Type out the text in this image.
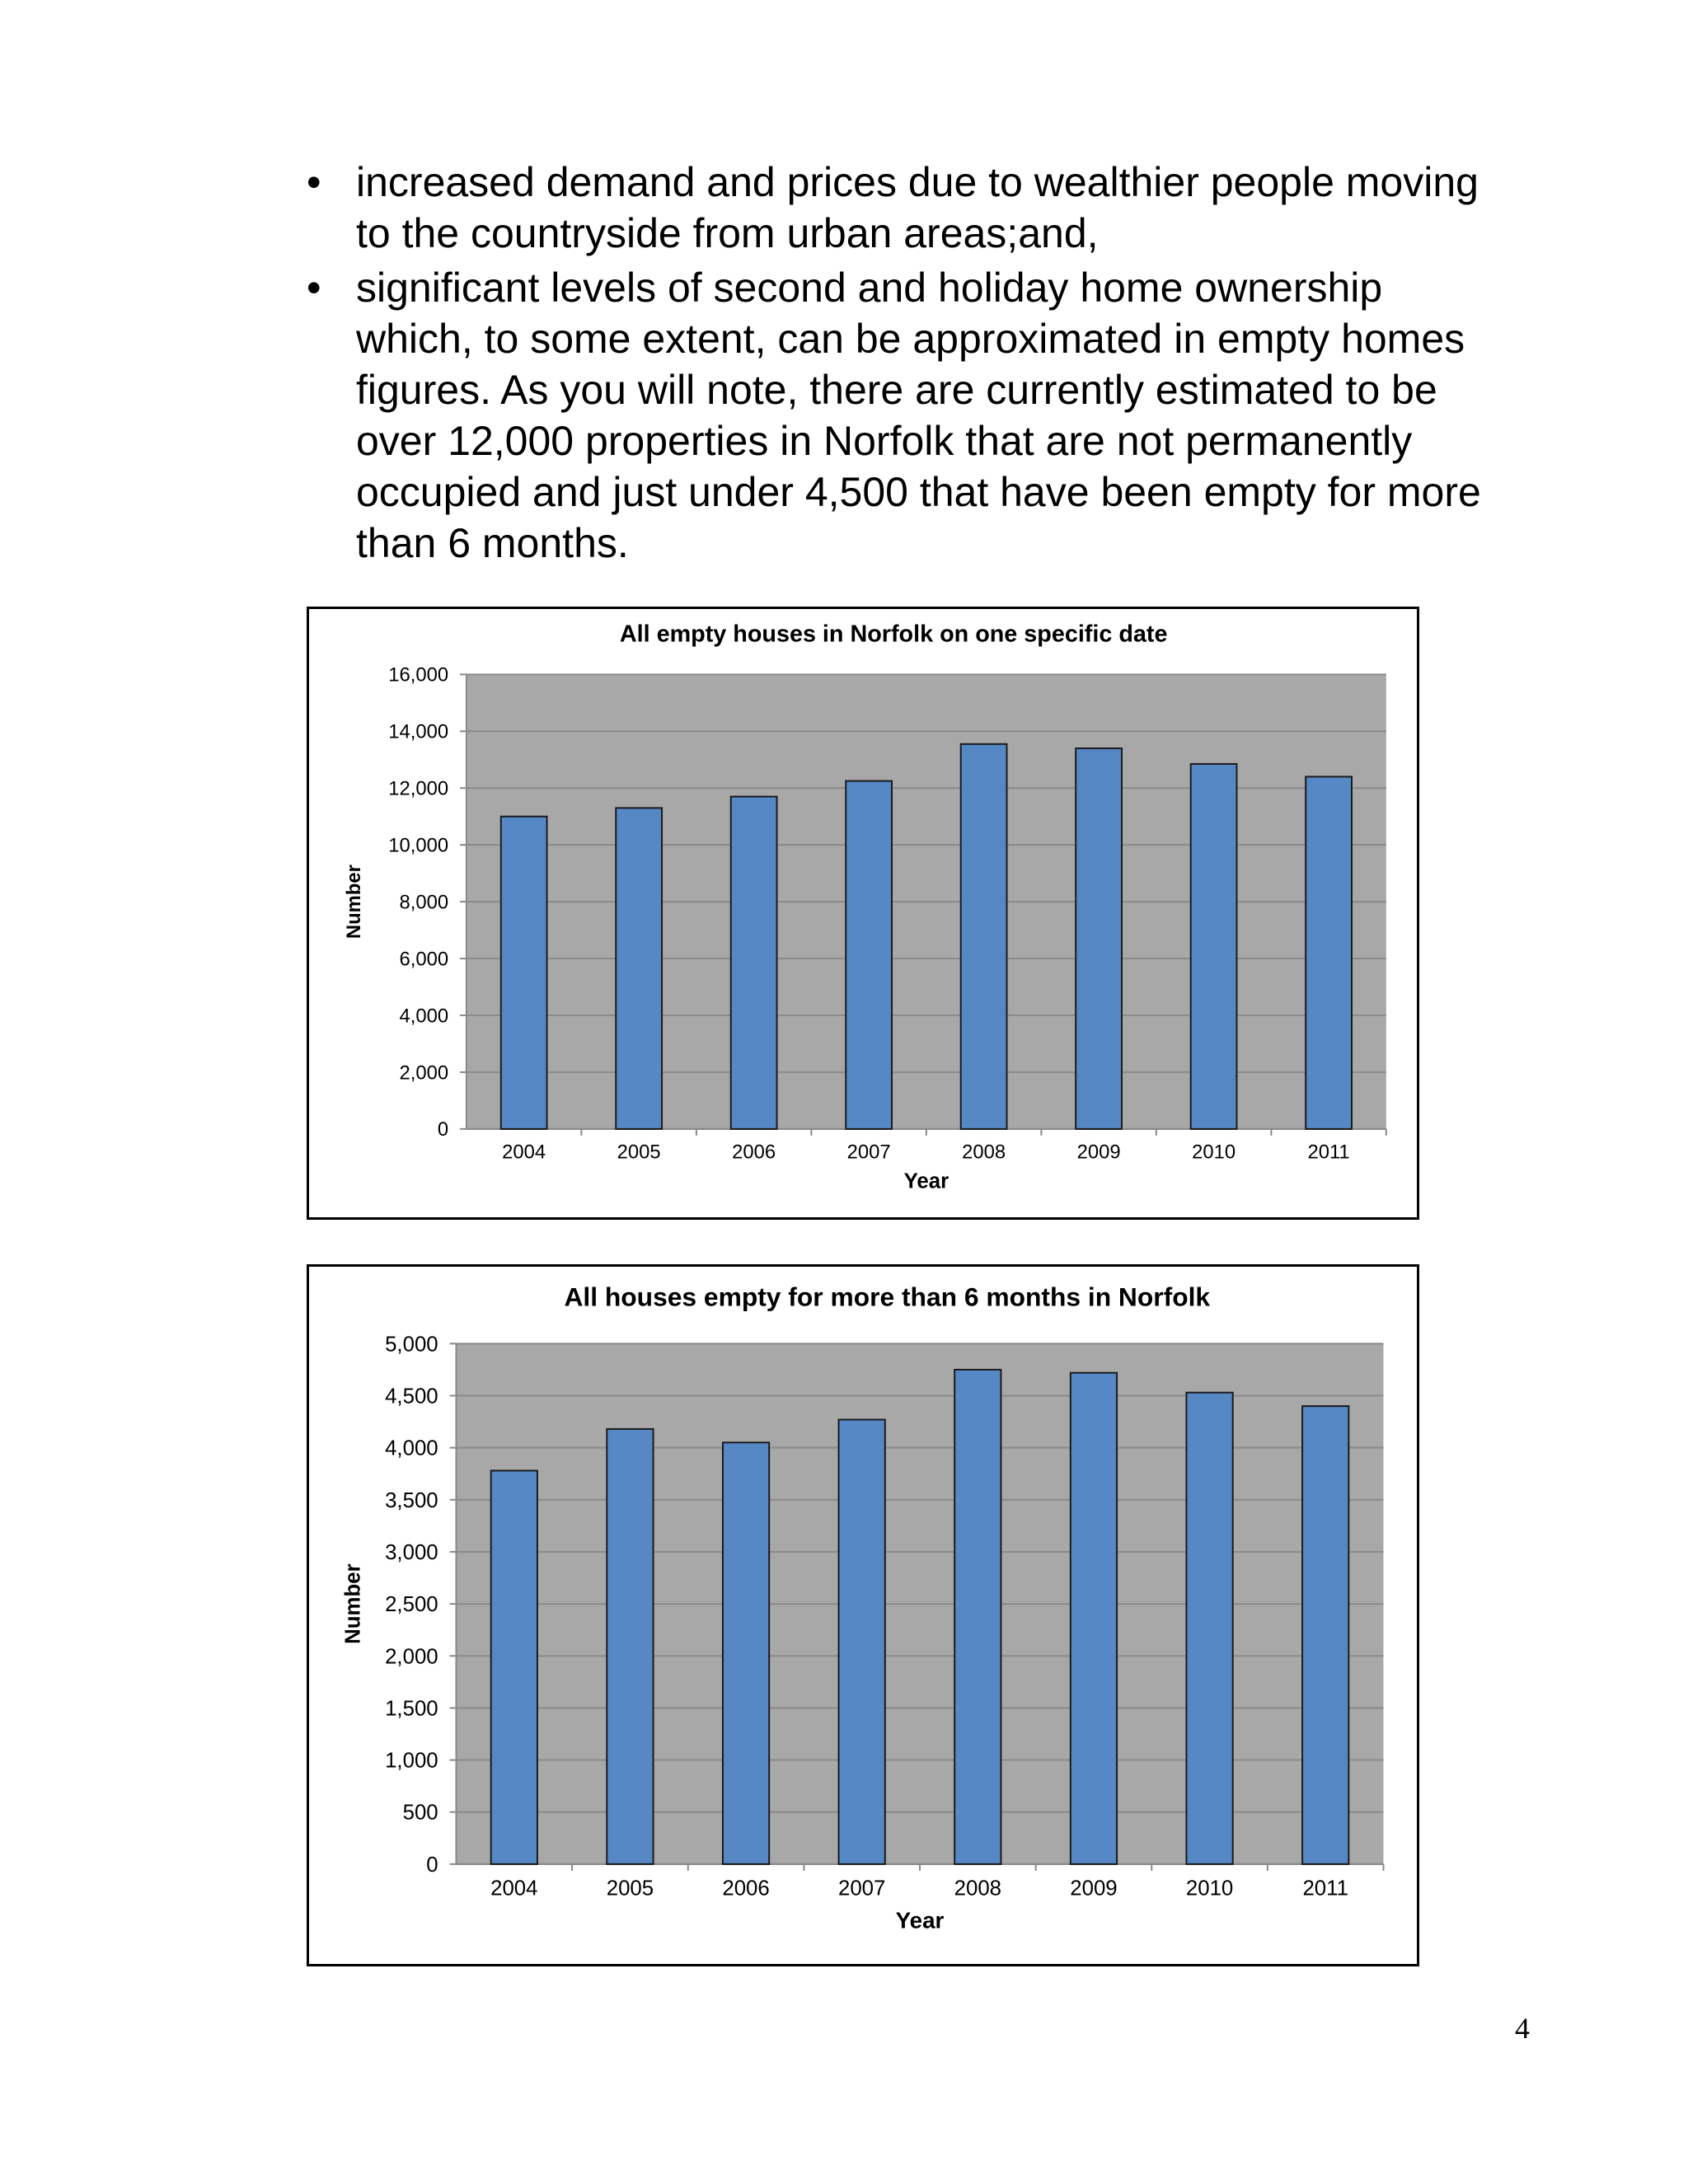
• increased demand and prices due to wealthier people moving to the countryside from urban areas;and,
• significant levels of second and holiday home ownership which, to some extent, can be approximated in empty homes figures. As you will note, there are currently estimated to be over 12,000 properties in Norfolk that are not permanently occupied and just under 4,500 that have been empty for more than 6 months.
0
2,000
4,000
6,000
8,000
10,000
12,000
14,000
16,000
2004	2005	2006	2007	2008	2009	2010	2011
All empty houses in Norfolk on one specific date
Year
Number
0
500
1,000
1,500
2,000
2,500
3,000
3,500
4,000
4,500
5,000
2004	2005	2006	2007	2008	2009	2010	2011
All houses empty for more than 6 months in Norfolk
Year
Number
4
